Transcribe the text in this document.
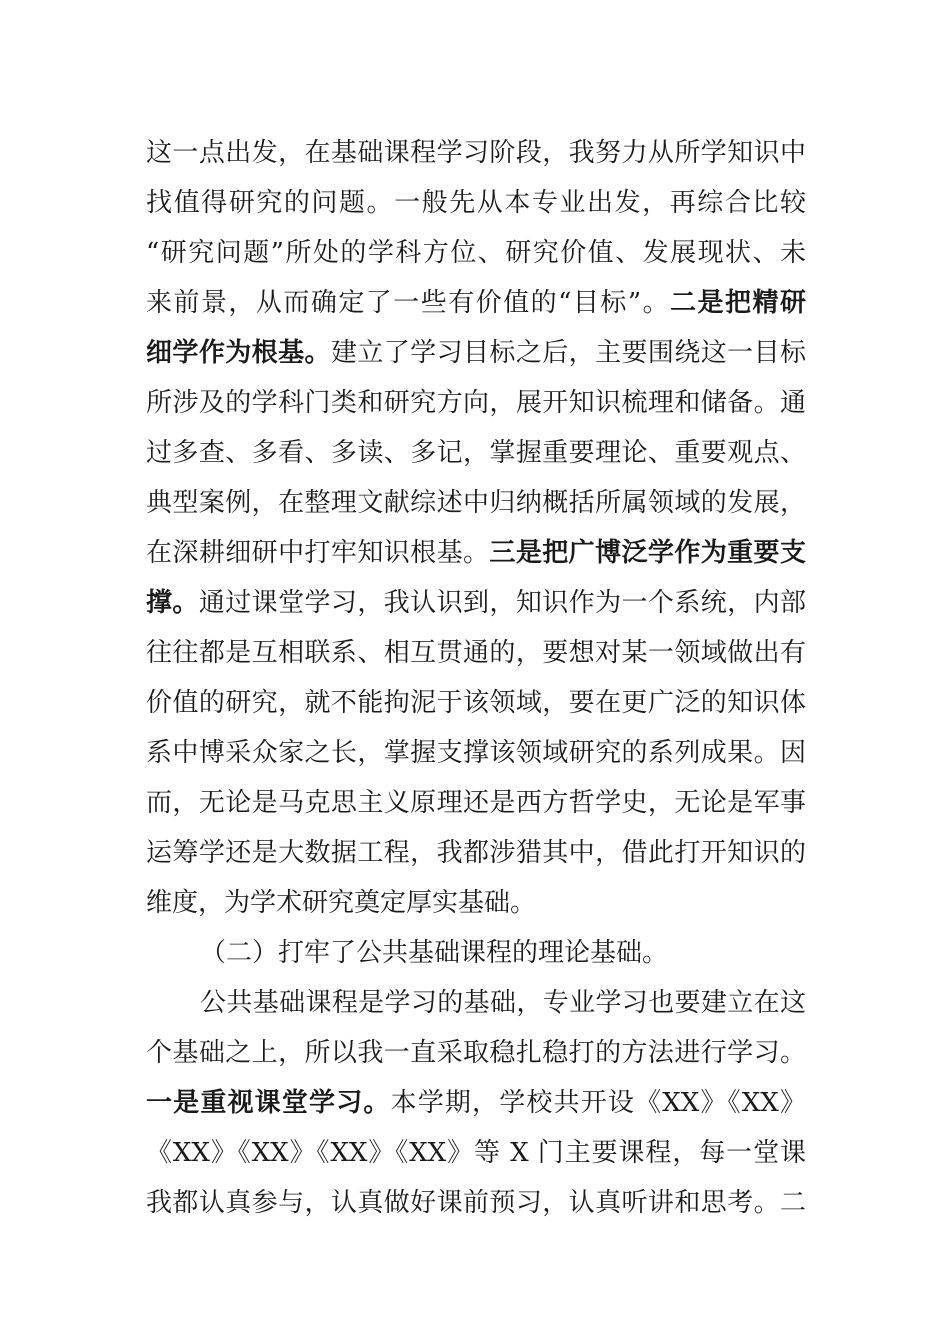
这一点出发，在基础课程学习阶段，我努力从所学知识中
找值得研究的问题。一般先从本专业出发，再综合比较
“研究问题”所处的学科方位、研究价值、发展现状、未
来前景，从而确定了一些有价值的“目标”。二是把精研
细学作为根基。建立了学习目标之后，主要围绕这一目标
所涉及的学科门类和研究方向，展开知识梳理和储备。通
过多查、多看、多读、多记，掌握重要理论、重要观点、
典型案例，在整理文献综述中归纳概括所属领域的发展，
在深耕细研中打牢知识根基。三是把广博泛学作为重要支
撑。通过课堂学习，我认识到，知识作为一个系统，内部
往往都是互相联系、相互贯通的，要想对某一领域做出有
价值的研究，就不能拘泥于该领域，要在更广泛的知识体
系中博采众家之长，掌握支撑该领域研究的系列成果。因
而，无论是马克思主义原理还是西方哲学史，无论是军事
运筹学还是大数据工程，我都涉猎其中，借此打开知识的
维度，为学术研究奠定厚实基础。
（二）打牢了公共基础课程的理论基础。
公共基础课程是学习的基础，专业学习也要建立在这
个基础之上，所以我一直采取稳扎稳打的方法进行学习。
一是重视课堂学习。本学期，学校共开设《XX》《XX》
《XX》《XX》《XX》《XX》等 X 门主要课程，每一堂课
我都认真参与，认真做好课前预习，认真听讲和思考。二
